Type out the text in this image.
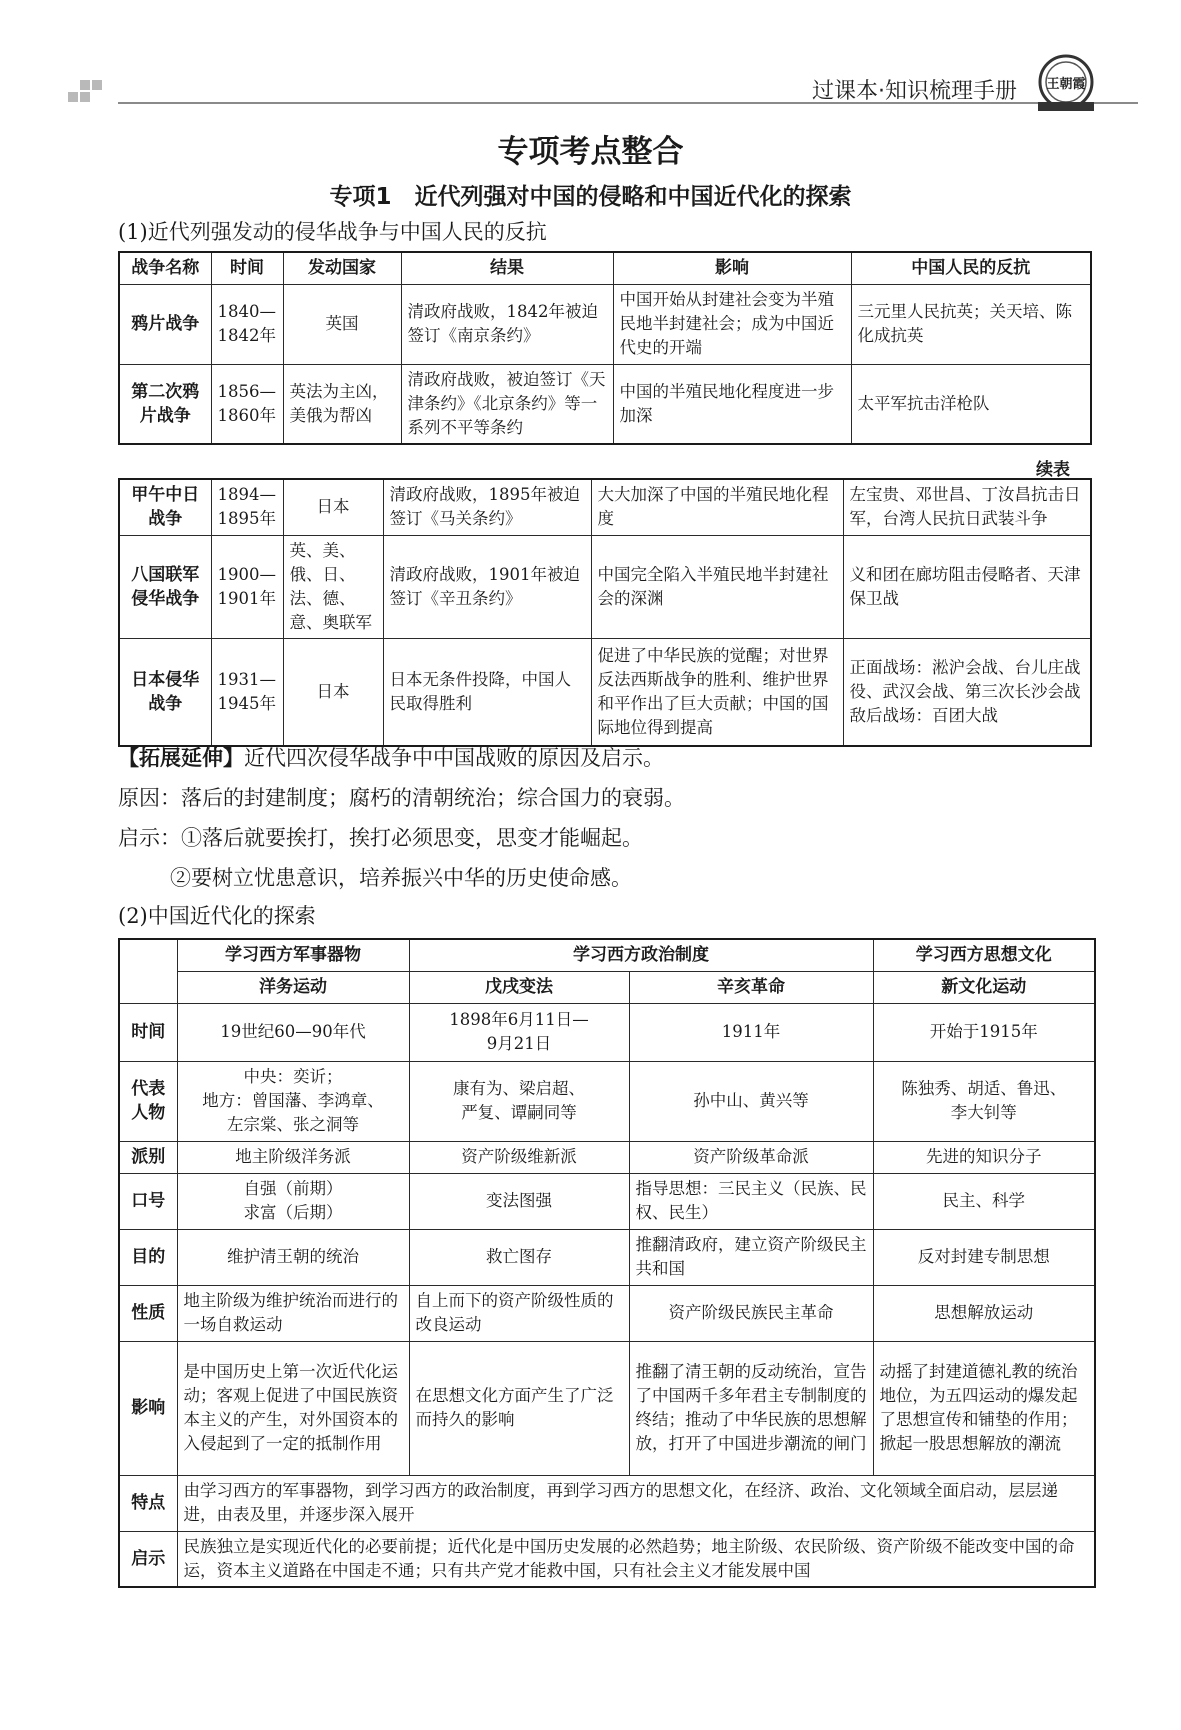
过课本·知识梳理手册 王朝霞
专项考点整合
专项1　近代列强对中国的侵略和中国近代化的探索
(1)近代列强发动的侵华战争与中国人民的反抗
战争名称	时间	发动国家	结果	影响	中国人民的反抗
鸦片战争	1840—
1842年	英国	清政府战败，1842年被迫签订《南京条约》	中国开始从封建社会变为半殖民地半封建社会；成为中国近代史的开端	三元里人民抗英；关天培、陈化成抗英
第二次鸦
片战争	1856—
1860年	英法为主凶，美俄为帮凶	清政府战败，被迫签订《天津条约》《北京条约》等一系列不平等条约	中国的半殖民地化程度进一步加深	太平军抗击洋枪队
续表
甲午中日
战争	1894—
1895年	日本	清政府战败，1895年被迫签订《马关条约》	大大加深了中国的半殖民地化程度	左宝贵、邓世昌、丁汝昌抗击日军，台湾人民抗日武装斗争
八国联军
侵华战争	1900—
1901年	英、美、俄、日、法、德、意、奥联军	清政府战败，1901年被迫签订《辛丑条约》	中国完全陷入半殖民地半封建社会的深渊	义和团在廊坊阻击侵略者、天津保卫战
日本侵华
战争	1931—
1945年	日本	日本无条件投降，中国人民取得胜利	促进了中华民族的觉醒；对世界反法西斯战争的胜利、维护世界和平作出了巨大贡献；中国的国际地位得到提高	正面战场：淞沪会战、台儿庄战役、武汉会战、第三次长沙会战
敌后战场：百团大战
【拓展延伸】近代四次侵华战争中中国战败的原因及启示。
原因：落后的封建制度；腐朽的清朝统治；综合国力的衰弱。
启示：①落后就要挨打，挨打必须思变，思变才能崛起。
②要树立忧患意识，培养振兴中华的历史使命感。
(2)中国近代化的探索
	学习西方军事器物	学习西方政治制度		学习西方思想文化
	洋务运动	戊戌变法	辛亥革命	新文化运动
时间	19世纪60—90年代	1898年6月11日—
9月21日	1911年	开始于1915年
代表
人物	中央：奕䜣；
地方：曾国藩、李鸿章、
左宗棠、张之洞等	康有为、梁启超、
严复、谭嗣同等	孙中山、黄兴等	陈独秀、胡适、鲁迅、
李大钊等
派别	地主阶级洋务派	资产阶级维新派	资产阶级革命派	先进的知识分子
口号	自强（前期）
求富（后期）	变法图强	指导思想：三民主义（民族、民权、民生）	民主、科学
目的	维护清王朝的统治	救亡图存	推翻清政府，建立资产阶级民主共和国	反对封建专制思想
性质	地主阶级为维护统治而进行的一场自救运动	自上而下的资产阶级性质的改良运动	资产阶级民族民主革命	思想解放运动
影响	是中国历史上第一次近代化运动；客观上促进了中国民族资本主义的产生，对外国资本的入侵起到了一定的抵制作用	在思想文化方面产生了广泛而持久的影响	推翻了清王朝的反动统治，宣告了中国两千多年君主专制制度的终结；推动了中华民族的思想解放，打开了中国进步潮流的闸门	动摇了封建道德礼教的统治地位，为五四运动的爆发起了思想宣传和铺垫的作用；掀起一股思想解放的潮流
特点	由学习西方的军事器物，到学习西方的政治制度，再到学习西方的思想文化，在经济、政治、文化领域全面启动，层层递进，由表及里，并逐步深入展开			
启示	民族独立是实现近代化的必要前提；近代化是中国历史发展的必然趋势；地主阶级、农民阶级、资产阶级不能改变中国的命运，资本主义道路在中国走不通；只有共产党才能救中国，只有社会主义才能发展中国			
